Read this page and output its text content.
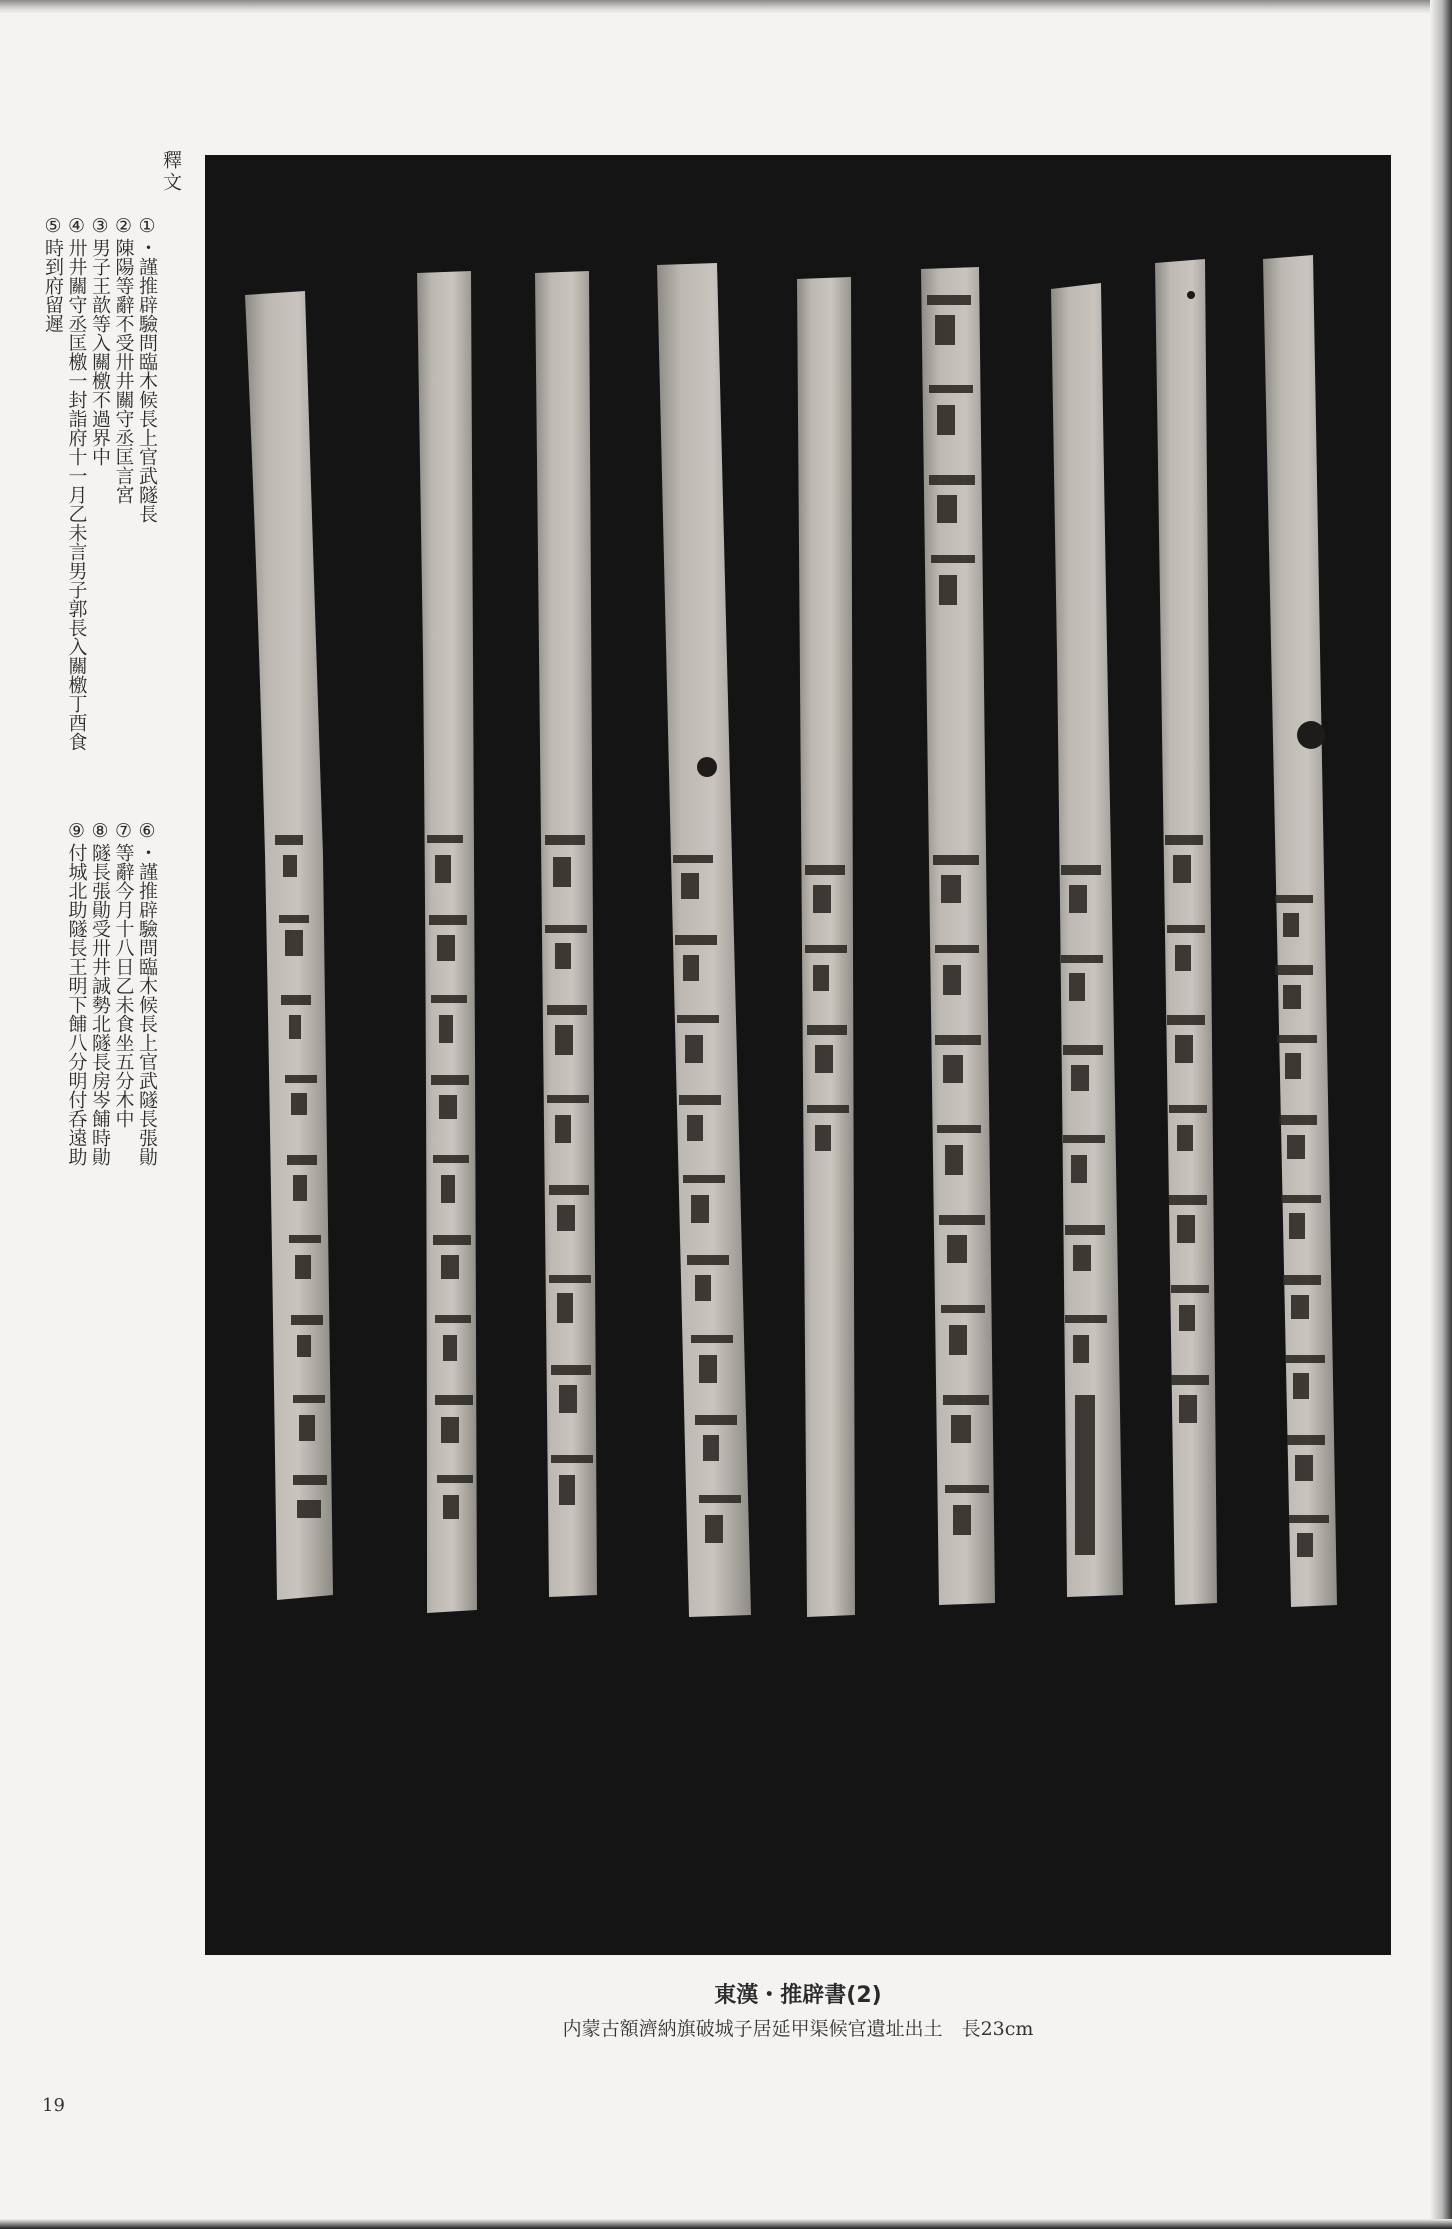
釋文
①・謹推辟驗問臨木候長上官武隧長
②陳陽等辭不受卅井關守丞匡言宮
③男子王歆等入關檄不過界中
④卅井關守丞匡檄一封詣府十一月乙未言男子郭長入關檄丁酉食
⑤時到府留遲
⑥・謹推辟驗問臨木候長上官武隧長張勛
⑦等辭今月十八日乙未食坐五分木中
⑧隧長張勛受卅井誠勢北隧長房岑餔時勛
⑨付城北助隧長王明下餔八分明付呑遠助
東漢・推辟書(2)
内蒙古額濟納旗破城子居延甲渠候官遺址出土　長23cm
19
